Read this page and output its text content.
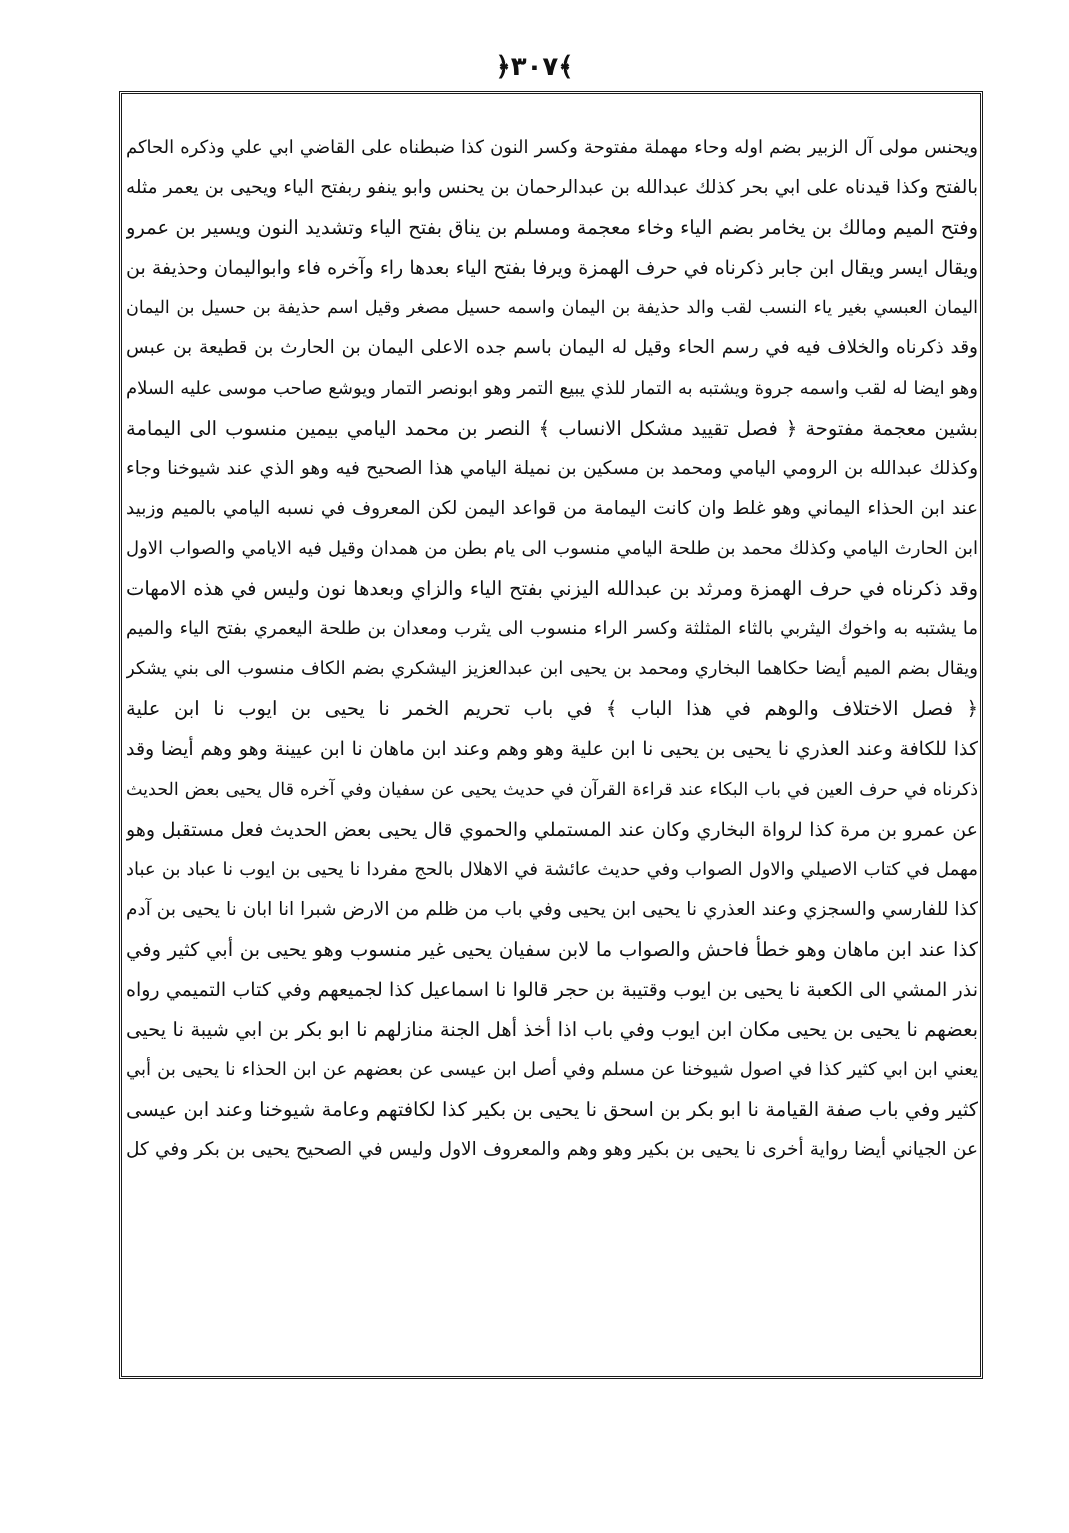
﴿٣٠٧﴾
ويحنس مولى آل الزبير بضم اوله وحاء مهملة مفتوحة وكسر النون كذا ضبطناه على القاضي ابي علي وذكره الحاكم
بالفتح وكذا قيدناه على ابي بحر كذلك عبدالله بن عبدالرحمان بن يحنس وابو ينفو ربفتح الياء ويحيى بن يعمر مثله
وفتح الميم ومالك بن يخامر بضم الياء وخاء معجمة ومسلم بن يناق بفتح الياء وتشديد النون ويسير بن عمرو
ويقال ايسر ويقال ابن جابر ذكرناه في حرف الهمزة ويرفا بفتح الياء بعدها راء وآخره فاء وابواليمان وحذيفة بن
اليمان العبسي بغير ياء النسب لقب والد حذيفة بن اليمان واسمه حسيل مصغر وقيل اسم حذيفة بن حسيل بن اليمان
وقد ذكرناه والخلاف فيه في رسم الحاء وقيل له اليمان باسم جده الاعلى اليمان بن الحارث بن قطيعة بن عبس
وهو ايضا له لقب واسمه جروة ويشتبه به التمار للذي يبيع التمر وهو ابونصر التمار ويوشع صاحب موسى عليه السلام
بشين معجمة مفتوحة ﴿ فصل تقييد مشكل الانساب ﴾ النصر بن محمد اليامي بيمين منسوب الى اليمامة
وكذلك عبدالله بن الرومي اليامي ومحمد بن مسكين بن نميلة اليامي هذا الصحيح فيه وهو الذي عند شيوخنا وجاء
عند ابن الحذاء اليماني وهو غلط وان كانت اليمامة من قواعد اليمن لكن المعروف في نسبه اليامي بالميم وزبيد
ابن الحارث اليامي وكذلك محمد بن طلحة اليامي منسوب الى يام بطن من همدان وقيل فيه الايامي والصواب الاول
وقد ذكرناه في حرف الهمزة ومرثد بن عبدالله اليزني بفتح الياء والزاي وبعدها نون وليس في هذه الامهات
ما يشتبه به واخوك اليثربي بالثاء المثلثة وكسر الراء منسوب الى يثرب ومعدان بن طلحة اليعمري بفتح الياء والميم
ويقال بضم الميم أيضا حكاهما البخاري ومحمد بن يحيى ابن عبدالعزيز اليشكري بضم الكاف منسوب الى بني يشكر
﴿ فصل الاختلاف والوهم في هذا الباب ﴾ في باب تحريم الخمر نا يحيى بن ايوب نا ابن علية
كذا للكافة وعند العذري نا يحيى بن يحيى نا ابن علية وهو وهم وعند ابن ماهان نا ابن عيينة وهو وهم أيضا وقد
ذكرناه في حرف العين في باب البكاء عند قراءة القرآن في حديث يحيى عن سفيان وفي آخره قال يحيى بعض الحديث
عن عمرو بن مرة كذا لرواة البخاري وكان عند المستملي والحموي قال يحيى بعض الحديث فعل مستقبل وهو
مهمل في كتاب الاصيلي والاول الصواب وفي حديث عائشة في الاهلال بالحج مفردا نا يحيى بن ايوب نا عباد بن عباد
كذا للفارسي والسجزي وعند العذري نا يحيى ابن يحيى وفي باب من ظلم من الارض شبرا انا ابان نا يحيى بن آدم
كذا عند ابن ماهان وهو خطأ فاحش والصواب ما لابن سفيان يحيى غير منسوب وهو يحيى بن أبي كثير وفي
نذر المشي الى الكعبة نا يحيى بن ايوب وقتيبة بن حجر قالوا نا اسماعيل كذا لجميعهم وفي كتاب التميمي رواه
بعضهم نا يحيى بن يحيى مكان ابن ايوب وفي باب اذا أخذ أهل الجنة منازلهم نا ابو بكر بن ابي شيبة نا يحيى
يعني ابن ابي كثير كذا في اصول شيوخنا عن مسلم وفي أصل ابن عيسى عن بعضهم عن ابن الحذاء نا يحيى بن أبي
كثير وفي باب صفة القيامة نا ابو بكر بن اسحق نا يحيى بن بكير كذا لكافتهم وعامة شيوخنا وعند ابن عيسى
عن الجياني أيضا رواية أخرى نا يحيى بن بكير وهو وهم والمعروف الاول وليس في الصحيح يحيى بن بكر وفي كل
